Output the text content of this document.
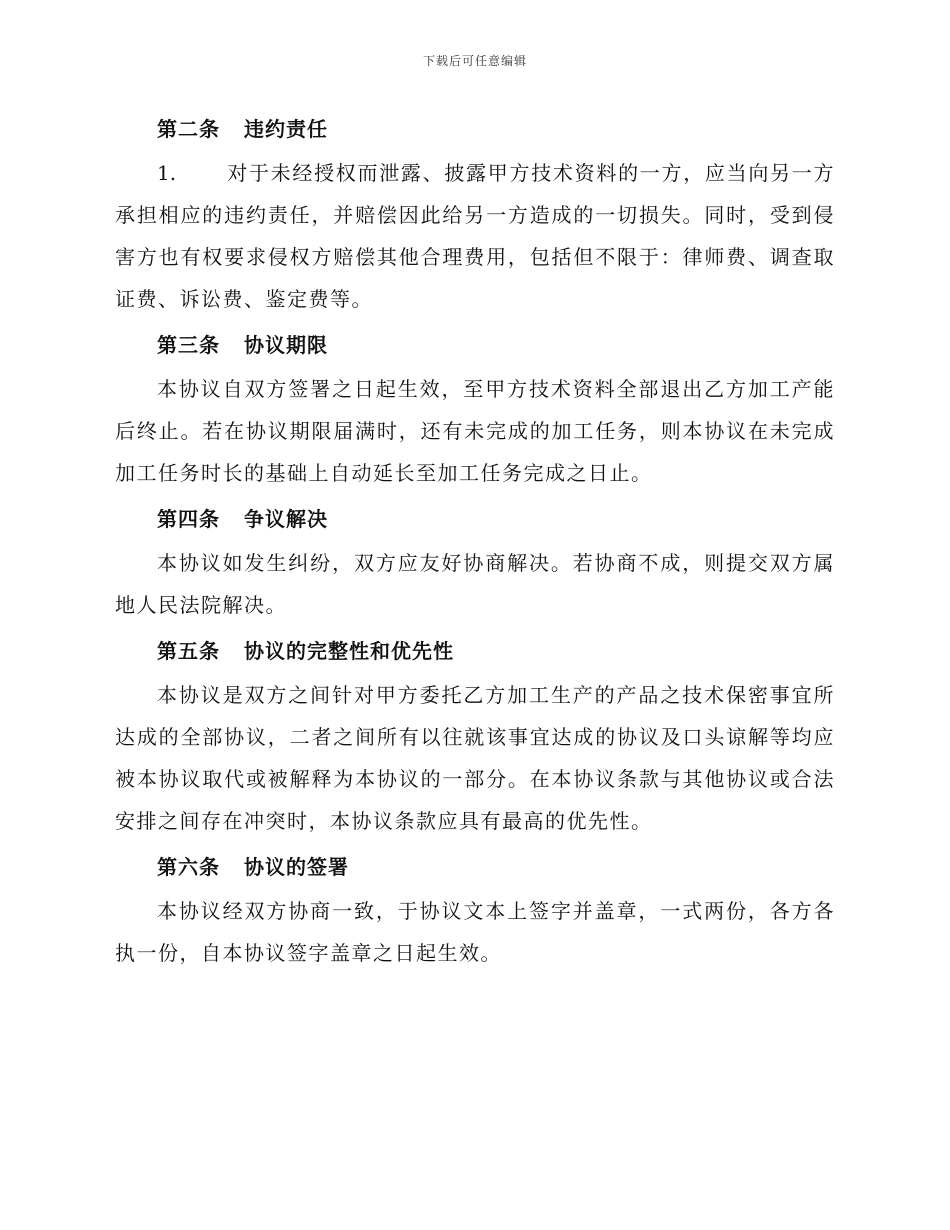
下载后可任意编辑
第二条 违约责任

1.	对于未经授权而泄露、披露甲方技术资料的一方，应当向另一方承担相应的违约责任，并赔偿因此给另一方造成的一切损失。同时，受到侵害方也有权要求侵权方赔偿其他合理费用，包括但不限于：律师费、调查取证费、诉讼费、鉴定费等。

第三条 协议期限

本协议自双方签署之日起生效，至甲方技术资料全部退出乙方加工产能后终止。若在协议期限届满时，还有未完成的加工任务，则本协议在未完成加工任务时长的基础上自动延长至加工任务完成之日止。

第四条 争议解决

本协议如发生纠纷，双方应友好协商解决。若协商不成，则提交双方属地人民法院解决。

第五条 协议的完整性和优先性

本协议是双方之间针对甲方委托乙方加工生产的产品之技术保密事宜所达成的全部协议，二者之间所有以往就该事宜达成的协议及口头谅解等均应被本协议取代或被解释为本协议的一部分。在本协议条款与其他协议或合法安排之间存在冲突时，本协议条款应具有最高的优先性。

第六条 协议的签署

本协议经双方协商一致，于协议文本上签字并盖章，一式两份，各方各执一份，自本协议签字盖章之日起生效。
